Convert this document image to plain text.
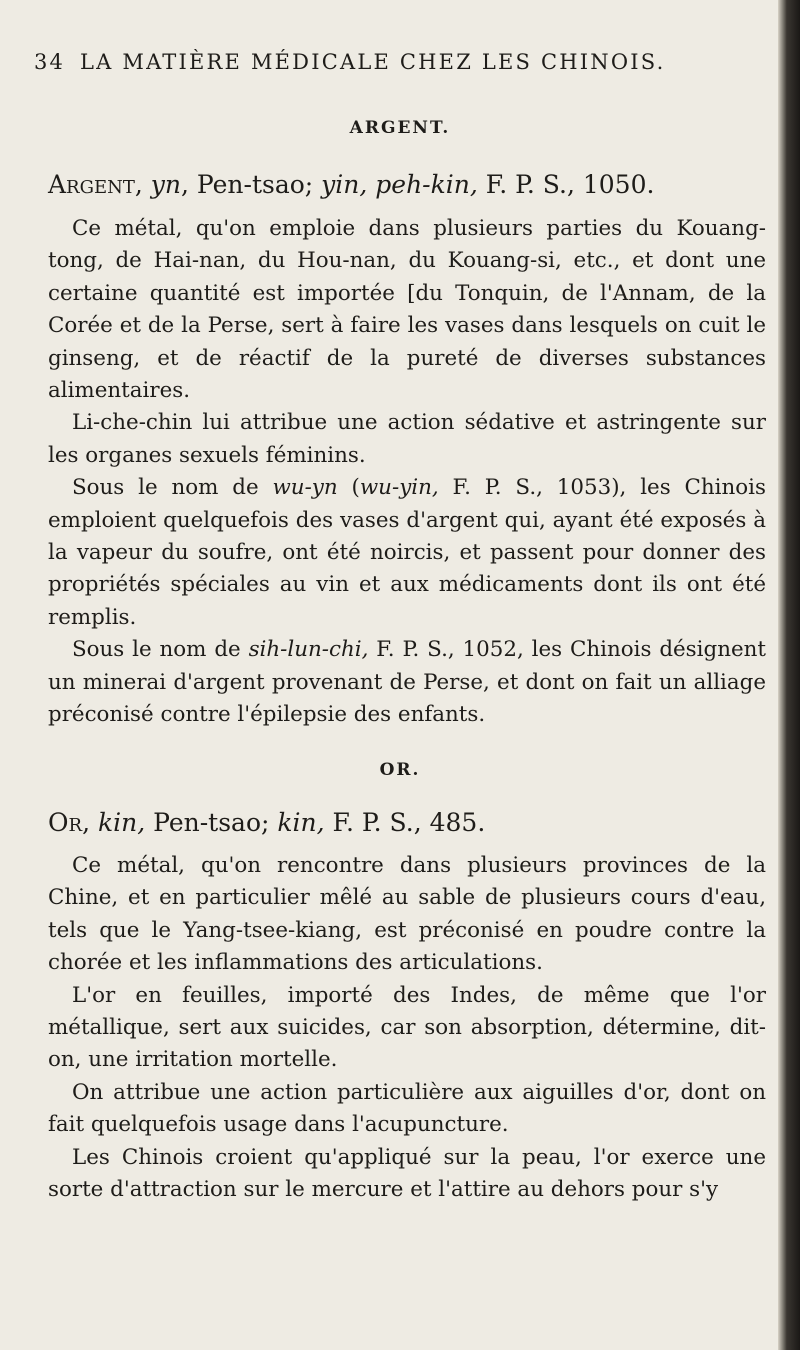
34 LA MATIÈRE MÉDICALE CHEZ LES CHINOIS.
ARGENT.
Argent, yn, Pen-tsao; yin, peh-kin, F. P. S., 1050.

Ce métal, qu'on emploie dans plusieurs parties du Kouang-tong, de Hai-nan, du Hou-nan, du Kouang-si, etc., et dont une certaine quantité est importée [du Tonquin, de l'Annam, de la Corée et de la Perse, sert à faire les vases dans lesquels on cuit le ginseng, et de réactif de la pureté de diverses substances alimentaires.

Li-che-chin lui attribue une action sédative et astringente sur les organes sexuels féminins.

Sous le nom de wu-yn (wu-yin, F. P. S., 1053), les Chinois emploient quelquefois des vases d'argent qui, ayant été exposés à la vapeur du soufre, ont été noircis, et passent pour donner des propriétés spéciales au vin et aux médicaments dont ils ont été remplis.

Sous le nom de sih-lun-chi, F. P. S., 1052, les Chinois désignent un minerai d'argent provenant de Perse, et dont on fait un alliage préconisé contre l'épilepsie des enfants.

OR.
Or, kin, Pen-tsao; kin, F. P. S., 485.

Ce métal, qu'on rencontre dans plusieurs provinces de la Chine, et en particulier mêlé au sable de plusieurs cours d'eau, tels que le Yang-tsee-kiang, est préconisé en poudre contre la chorée et les inflammations des articulations.

L'or en feuilles, importé des Indes, de même que l'or métallique, sert aux suicides, car son absorption, détermine, dit-on, une irritation mortelle.

On attribue une action particulière aux aiguilles d'or, dont on fait quelquefois usage dans l'acupuncture.

Les Chinois croient qu'appliqué sur la peau, l'or exerce une sorte d'attraction sur le mercure et l'attire au dehors pour s'y
